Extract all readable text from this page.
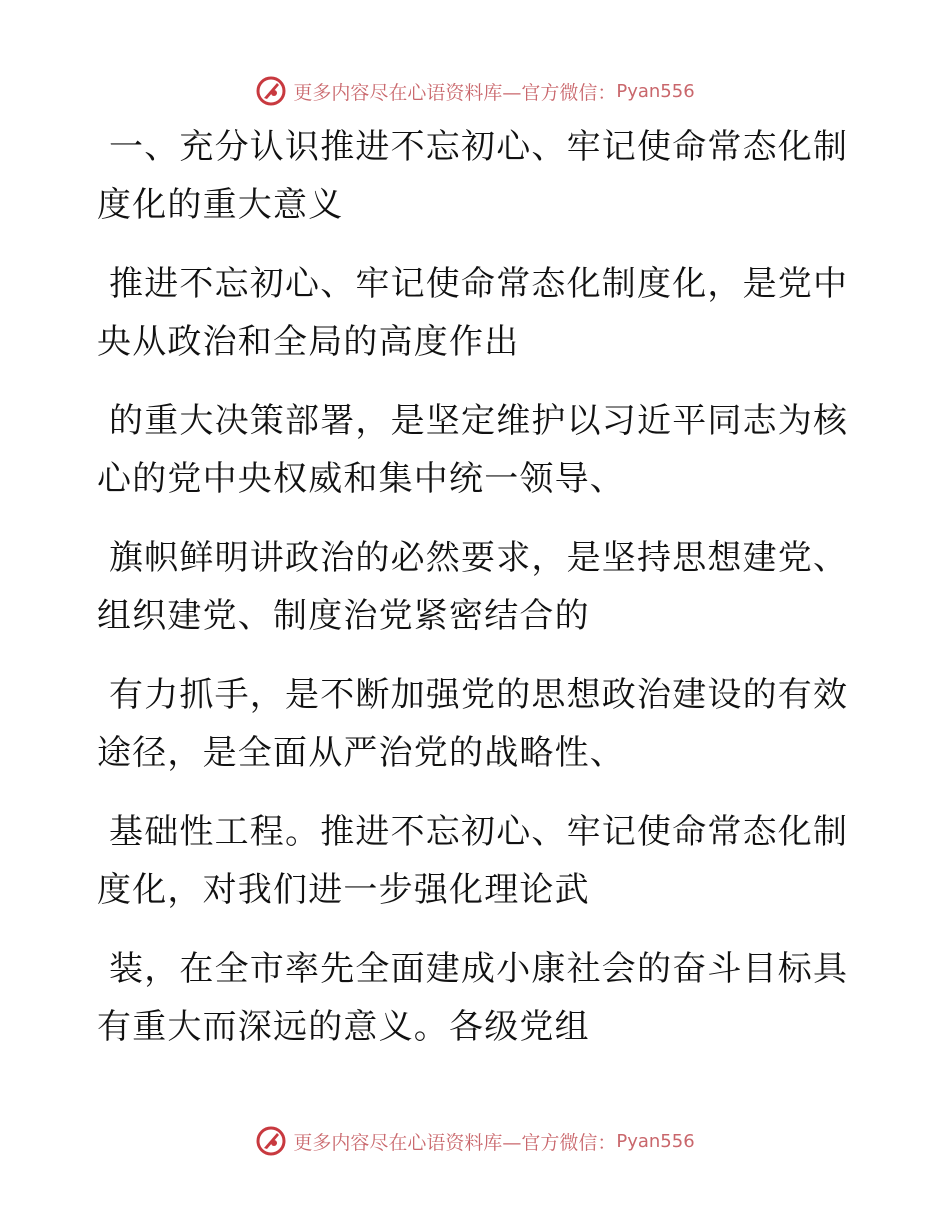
更多内容尽在心语资料库—官方微信： Pyan556

一、充分认识推进不忘初心、牢记使命常态化制
度化的重大意义

推进不忘初心、牢记使命常态化制度化，是党中
央从政治和全局的高度作出

的重大决策部署，是坚定维护以习近平同志为核
心的党中央权威和集中统一领导、

旗帜鲜明讲政治的必然要求，是坚持思想建党、
组织建党、制度治党紧密结合的

有力抓手，是不断加强党的思想政治建设的有效
途径，是全面从严治党的战略性、

基础性工程。推进不忘初心、牢记使命常态化制
度化，对我们进一步强化理论武

装，在全市率先全面建成小康社会的奋斗目标具
有重大而深远的意义。各级党组

更多内容尽在心语资料库—官方微信： Pyan556
